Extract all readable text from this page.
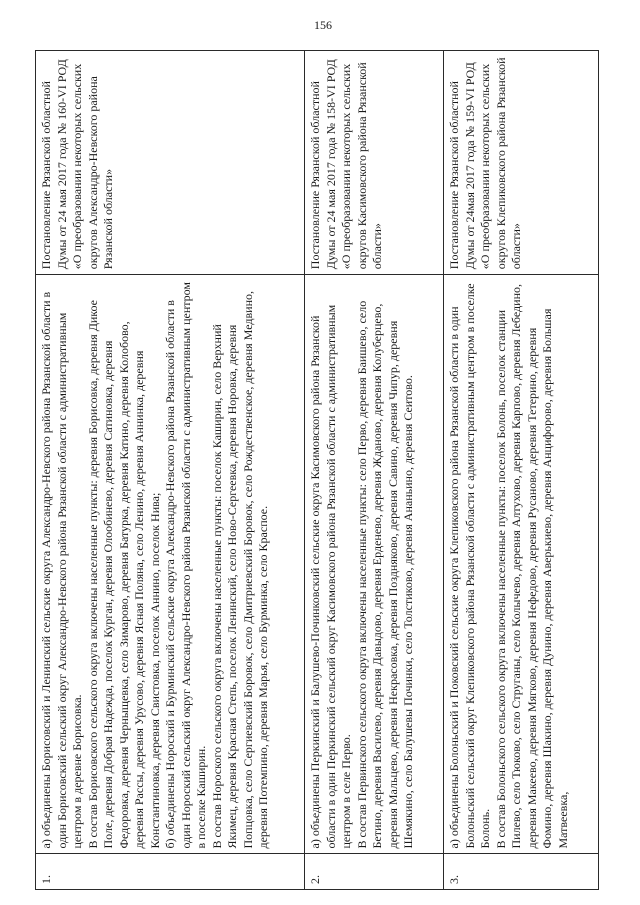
156
1.	а) объединены Борисовский и Ленинский сельские округа Александро-Невского района Рязанской области в один Борисовский сельский округ Александро-Невского района Рязанской области с административным центром в деревне Борисовка. В состав Борисовского сельского округа включены населенные пункты: деревня Борисовка, деревня Дикое Поле, деревня Добрая Надежда, поселок Курган, деревня Олообинево, деревня Сатиновка, деревня Федоровка, деревня Черныщевка, село Зимарово, деревня Батурка, деревня Катино, деревня Колобово, деревня Рассы, деревня Урусово, деревня Ясная Поляна, село Ленино, деревня Аннинка, деревня Константиновка, деревня Свистовка, поселок Аннино, поселок Нива; б) объединены Нороский и Бурминский сельские округа Александро-Невского района Рязанской области в один Нороский сельский округ Александро-Невского района Рязанской области с административным центром в поселке Каширин. В состав Нороского сельского округа включены населенные пункты: поселок Каширин, село Верхний Якимец, деревня Красная Степь, поселок Ленинский, село Ново-Сергеевка, деревня Норовка, деревня Попцовка, село Сергиевский Боровок, село Дмитриевский Боровок, село Рождественское, деревня Медвино, деревня Потемпино, деревня Марья, село Бурминка, село Краспое.	Постановление Рязанской областной Думы от 24 мая 2017 года № 160-VI РОД «О преобразовании некоторых сельских округов Александро-Невского района Рязанской области»
2.	а) объединены Перкинский и Балушево-Починковский сельские округа Касимовского района Рязанской области в один Перкинский сельский округ Касимовского района Рязанской области с административным центром в селе Перво. В состав Первинского сельского округа включены населенные пункты: село Перво, деревня Баишево, село Бетино, деревня Василево, деревня Давыдово, деревня Ерденево, деревня Жданово, деревня Колуберцево, деревня Мальцево, деревня Некрасовка, деревня Поздняково, деревня Савино, деревня Чипур, деревня Шемякино, село Балушевы Починки, село Толстиково, деревня Ананьино, деревня Сеитово.	Постановление Рязанской областной Думы от 24 мая 2017 года № 158-VI РОД «О преобразовании некоторых сельских округов Касимовского района Рязанской области»
3.	а) объединены Болоньский и Поковский сельские округа Клепиковского района Рязанской области в один Болоньский сельский округ Клепиковского района Рязанской области с административным центром в поселке Болонь. В состав Болоньского сельского округа включены населенные пункты: поселок Болонь, поселок станции Пилево, село Тюково, село Струганы, село Колычево, деревня Алтухово, деревня Карпово, деревня Лебедино, деревня Макеево, деревня Мягково, деревня Нефедово, деревня Русаново, деревня Тетерино, деревня Фомино, деревня Шакино, деревня Дунино, деревня Аверькиево, деревня Анцифорово, деревня Большая Матвеевка,	Постановление Рязанской областной Думы от 24мая 2017 года № 159-VI РОД «О преобразовании некоторых сельских округов Клепиковского района Рязанской области»
